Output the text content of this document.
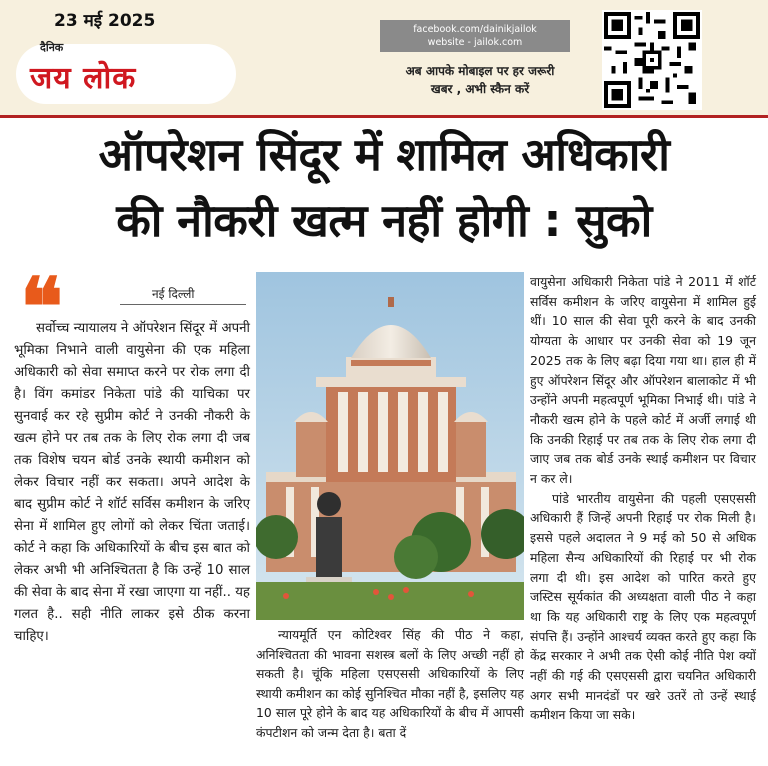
23 मई 2025
दैनिक
जय लोक
facebook.com/dainikjailok
website - jailok.com
अब आपके मोबाइल पर हर जरूरी
खबर , अभी स्कैन करें
ऑपरेशन सिंदूर में शामिल अधिकारी
की नौकरी खत्म नहीं होगी : सुको
❝	नई दिल्ली

सर्वोच्च न्यायालय ने ऑपरेशन सिंदूर में अपनी भूमिका निभाने वाली वायुसेना की एक महिला अधिकारी को सेवा समाप्त करने पर रोक लगा दी है। विंग कमांडर निकेता पांडे की याचिका पर सुनवाई कर रहे सुप्रीम कोर्ट ने उनकी नौकरी के खत्म होने पर तब तक के लिए रोक लगा दी जब तक विशेष चयन बोर्ड उनके स्थायी कमीशन को लेकर विचार नहीं कर सकता। अपने आदेश के बाद सुप्रीम कोर्ट ने शॉर्ट सर्विस कमीशन के जरिए सेना में शामिल हुए लोगों को लेकर चिंता जताई। कोर्ट ने कहा कि अधिकारियों के बीच इस बात को लेकर अभी भी अनिश्चितता है कि उन्हें 10 साल की सेवा के बाद सेना में रखा जाएगा या नहीं.. यह गलत है.. सही नीति लाकर इसे ठीक करना चाहिए।	न्यायमूर्ति एन कोटिश्वर सिंह की पीठ ने कहा, अनिश्चितता की भावना सशस्त्र बलों के लिए अच्छी नहीं हो सकती है। चूंकि महिला एसएससी अधिकारियों के लिए स्थायी कमीशन का कोई सुनिश्चित मौका नहीं है, इसलिए यह 10 साल पूरे होने के बाद यह अधिकारियों के बीच में आपसी कंपटीशन को जन्म देता है। बता दें

वायुसेना अधिकारी निकेता पांडे ने 2011 में शॉर्ट सर्विस कमीशन के जरिए वायुसेना में शामिल हुई थीं। 10 साल की सेवा पूरी करने के बाद उनकी योग्यता के आधार पर उनकी सेवा को 19 जून 2025 तक के लिए बढ़ा दिया गया था। हाल ही में हुए ऑपरेशन सिंदूर और ऑपरेशन बालाकोट में भी उन्होंने अपनी महत्वपूर्ण भूमिका निभाई थी। पांडे ने नौकरी खत्म होने के पहले कोर्ट में अर्जी लगाई थी कि उनकी रिहाई पर तब तक के लिए रोक लगा दी जाए जब तक बोर्ड उनके स्थाई कमीशन पर विचार न कर ले।

पांडे भारतीय वायुसेना की पहली एसएससी अधिकारी हैं जिन्हें अपनी रिहाई पर रोक मिली है। इससे पहले अदालत ने 9 मई को 50 से अधिक महिला सैन्य अधिकारियों की रिहाई पर भी रोक लगा दी थी। इस आदेश को पारित करते हुए जस्टिस सूर्यकांत की अध्यक्षता वाली पीठ ने कहा था कि यह अधिकारी राष्ट्र के लिए एक महत्वपूर्ण संपत्ति हैं। उन्होंने आश्चर्य व्यक्त करते हुए कहा कि केंद्र सरकार ने अभी तक ऐसी कोई नीति पेश क्यों नहीं की गई की एसएससी द्वारा चयनित अधिकारी अगर सभी मानदंडों पर खरे उतरें तो उन्हें स्थाई कमीशन किया जा सके।
